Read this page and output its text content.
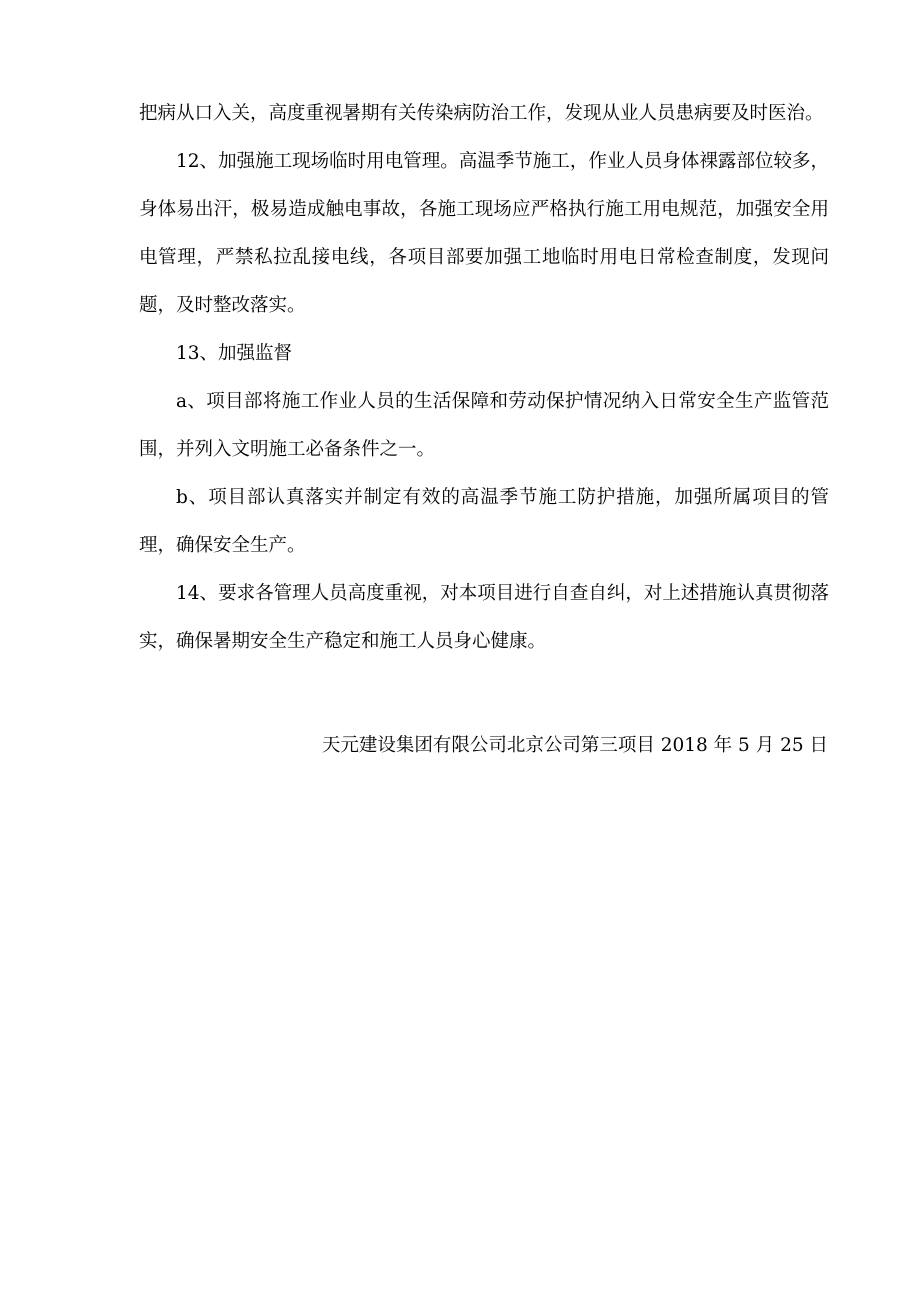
把病从口入关，高度重视暑期有关传染病防治工作，发现从业人员患病要及时医治。

12、加强施工现场临时用电管理。高温季节施工，作业人员身体裸露部位较多，身体易出汗，极易造成触电事故，各施工现场应严格执行施工用电规范，加强安全用电管理，严禁私拉乱接电线，各项目部要加强工地临时用电日常检查制度，发现问题，及时整改落实。

13、加强监督

a、项目部将施工作业人员的生活保障和劳动保护情况纳入日常安全生产监管范围，并列入文明施工必备条件之一。

b、项目部认真落实并制定有效的高温季节施工防护措施，加强所属项目的管理，确保安全生产。

14、要求各管理人员高度重视，对本项目进行自查自纠，对上述措施认真贯彻落实，确保暑期安全生产稳定和施工人员身心健康。

天元建设集团有限公司北京公司第三项目 2018 年 5 月 25 日
